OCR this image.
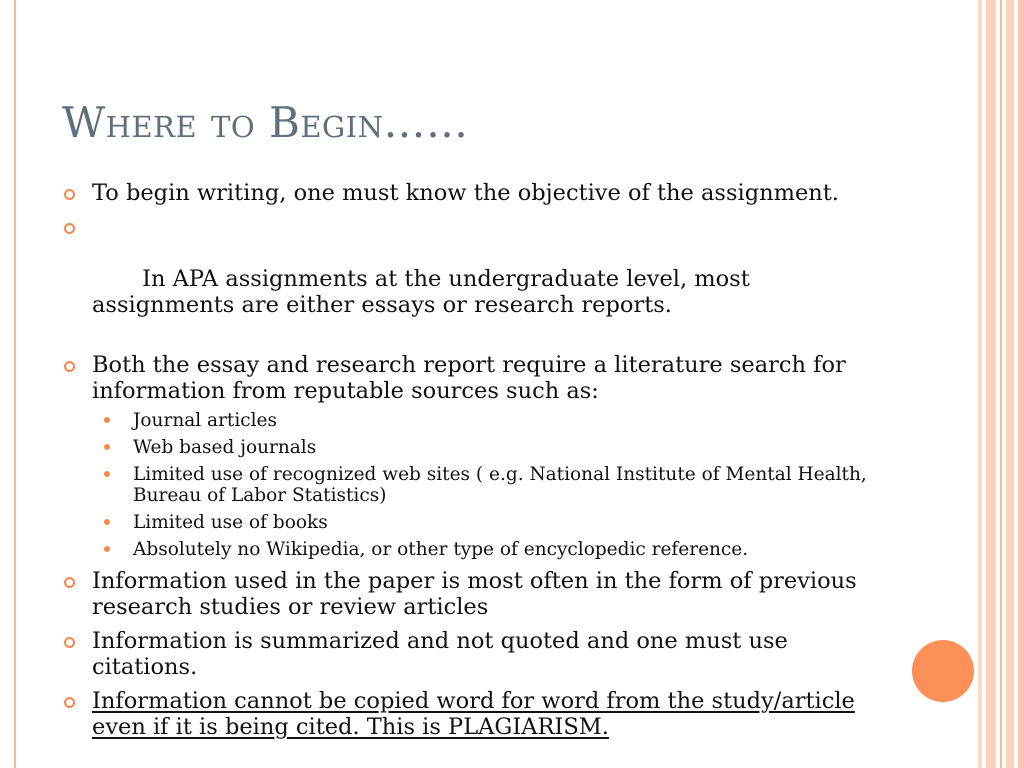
Where to Begin……
To begin writing, one must know the objective of the assignment.

In APA assignments at the undergraduate level, most assignments are either essays or research reports.

Both the essay and research report require a literature search for information from reputable sources such as:
Journal articles
Web based journals
Limited use of recognized web sites ( e.g. National Institute of Mental Health, Bureau of Labor Statistics)
Limited use of books
Absolutely no Wikipedia, or other type of encyclopedic reference.
Information used in the paper is most often in the form of previous research studies or review articles
Information is summarized and not quoted and one must use citations.
Information cannot be copied word for word from the study/article even if it is being cited. This is PLAGIARISM.
